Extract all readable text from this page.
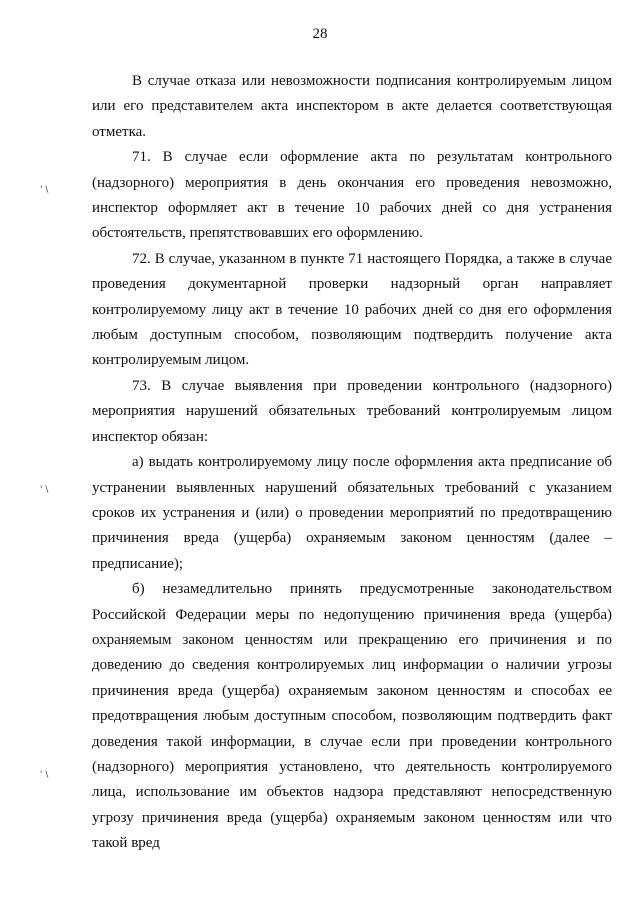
28
' \
' \
' \

В случае отказа или невозможности подписания контролируемым лицом или его представителем акта инспектором в акте делается соответствующая отметка.

71. В случае если оформление акта по результатам контрольного (надзорного) мероприятия в день окончания его проведения невозможно, инспектор оформляет акт в течение 10 рабочих дней со дня устранения обстоятельств, препятствовавших его оформлению.

72. В случае, указанном в пункте 71 настоящего Порядка, а также в случае проведения документарной проверки надзорный орган направляет контролируемому лицу акт в течение 10 рабочих дней со дня его оформления любым доступным способом, позволяющим подтвердить получение акта контролируемым лицом.

73. В случае выявления при проведении контрольного (надзорного) мероприятия нарушений обязательных требований контролируемым лицом инспектор обязан:

а) выдать контролируемому лицу после оформления акта предписание об устранении выявленных нарушений обязательных требований с указанием сроков их устранения и (или) о проведении мероприятий по предотвращению причинения вреда (ущерба) охраняемым законом ценностям (далее – предписание);

б) незамедлительно принять предусмотренные законодательством Российской Федерации меры по недопущению причинения вреда (ущерба) охраняемым законом ценностям или прекращению его причинения и по доведению до сведения контролируемых лиц информации о наличии угрозы причинения вреда (ущерба) охраняемым законом ценностям и способах ее предотвращения любым доступным способом, позволяющим подтвердить факт доведения такой информации, в случае если при проведении контрольного (надзорного) мероприятия установлено, что деятельность контролируемого лица, использование им объектов надзора представляют непосредственную угрозу причинения вреда (ущерба) охраняемым законом ценностям или что такой вред
